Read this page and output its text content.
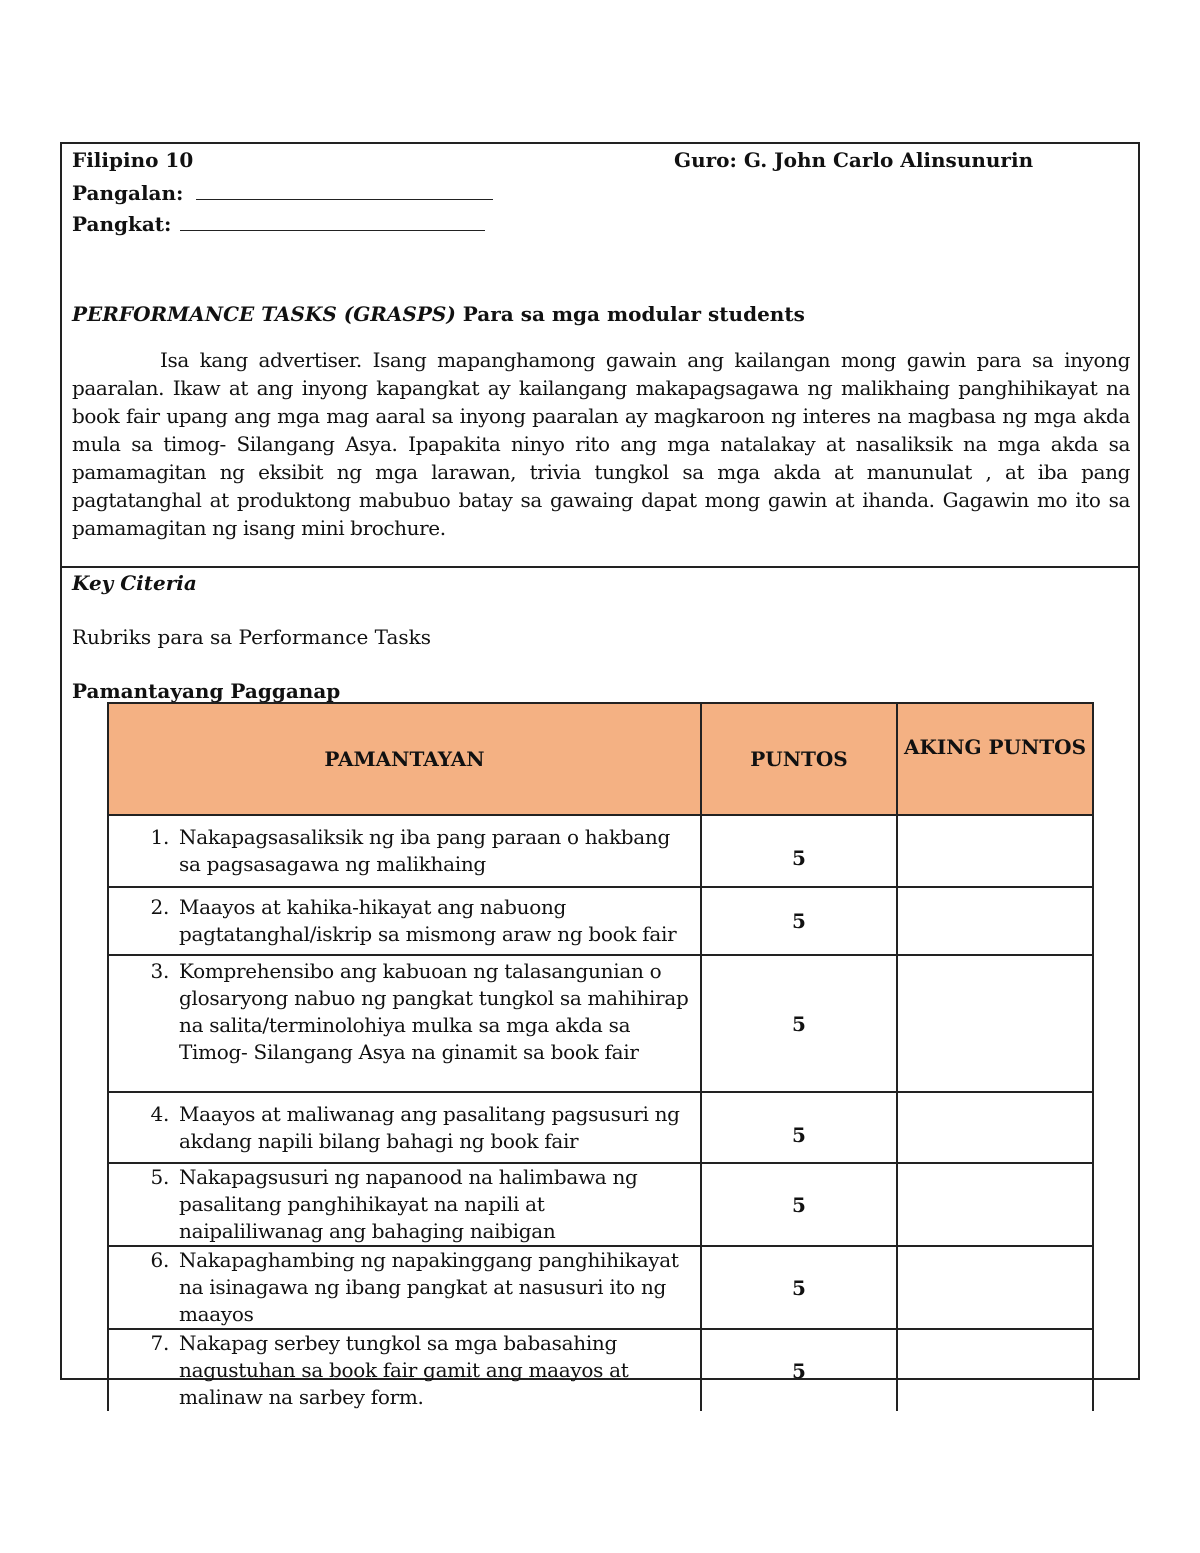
Filipino 10	Guro: G. John Carlo Alinsunurin
Pangalan:
Pangkat:
PERFORMANCE TASKS (GRASPS) Para sa mga modular students
Isa kang advertiser. Isang mapanghamong gawain ang kailangan mong gawin para sa inyong paaralan. Ikaw at ang inyong kapangkat ay kailangang makapagsagawa ng malikhaing panghihikayat na book fair upang ang mga mag aaral sa inyong paaralan ay magkaroon ng interes na magbasa ng mga akda mula sa timog- Silangang Asya. Ipapakita ninyo rito ang mga natalakay at nasaliksik na mga akda sa pamamagitan ng eksibit ng mga larawan, trivia tungkol sa mga akda at manunulat , at iba pang pagtatanghal at produktong mabubuo batay sa gawaing dapat mong gawin at ihanda. Gagawin mo ito sa pamamagitan ng isang mini brochure.
Key Citeria
Rubriks para sa Performance Tasks
Pamantayang Pagganap
PAMANTAYAN	PUNTOS	AKING PUNTOS

1. Nakapagsasaliksik ng iba pang paraan o hakbang sa pagsasagawa ng malikhaing	5	

2. Maayos at kahika-hikayat ang nabuong pagtatanghal/iskrip sa mismong araw ng book fair	5	

3. Komprehensibo ang kabuoan ng talasangunian o glosaryong nabuo ng pangkat tungkol sa mahihirap na salita/terminolohiya mulka sa mga akda sa Timog- Silangang Asya na ginamit sa book fair	5	

4. Maayos at maliwanag ang pasalitang pagsusuri ng akdang napili bilang bahagi ng book fair	5	

5. Nakapagsusuri ng napanood na halimbawa ng pasalitang panghihikayat na napili at naipaliliwanag ang bahaging naibigan	5	

6. Nakapaghambing ng napakinggang panghihikayat na isinagawa ng ibang pangkat at nasusuri ito ng maayos	5	

7. Nakapag serbey tungkol sa mga babasahing nagustuhan sa book fair gamit ang maayos at malinaw na sarbey form.	5	
